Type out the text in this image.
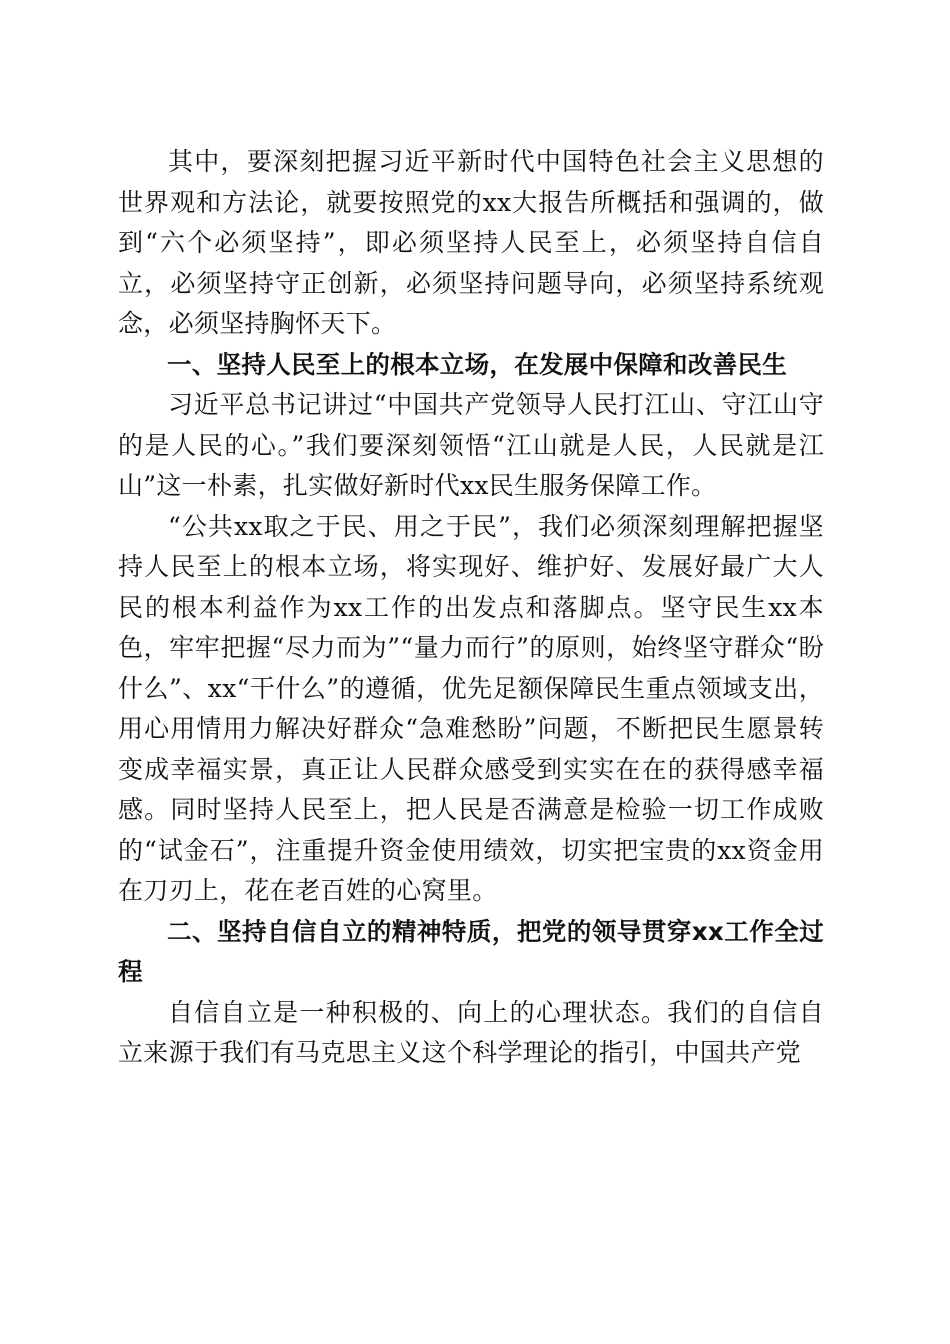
其中，要深刻把握习近平新时代中国特色社会主义思想的世界观和方法论，就要按照党的xx大报告所概括和强调的，做到“六个必须坚持”，即必须坚持人民至上，必须坚持自信自立，必须坚持守正创新，必须坚持问题导向，必须坚持系统观念，必须坚持胸怀天下。

一、坚持人民至上的根本立场，在发展中保障和改善民生

习近平总书记讲过“中国共产党领导人民打江山、守江山守的是人民的心。”我们要深刻领悟“江山就是人民，人民就是江山”这一朴素，扎实做好新时代xx民生服务保障工作。

“公共xx取之于民、用之于民”，我们必须深刻理解把握坚持人民至上的根本立场，将实现好、维护好、发展好最广大人民的根本利益作为xx工作的出发点和落脚点。坚守民生xx本色，牢牢把握“尽力而为”“量力而行”的原则，始终坚守群众“盼什么”、xx“干什么”的遵循，优先足额保障民生重点领域支出，用心用情用力解决好群众“急难愁盼”问题，不断把民生愿景转变成幸福实景，真正让人民群众感受到实实在在的获得感幸福感。同时坚持人民至上，把人民是否满意是检验一切工作成败的“试金石”，注重提升资金使用绩效，切实把宝贵的xx资金用在刀刃上，花在老百姓的心窝里。

二、坚持自信自立的精神特质，把党的领导贯穿xx工作全过程

自信自立是一种积极的、向上的心理状态。我们的自信自立来源于我们有马克思主义这个科学理论的指引，中国共产党
